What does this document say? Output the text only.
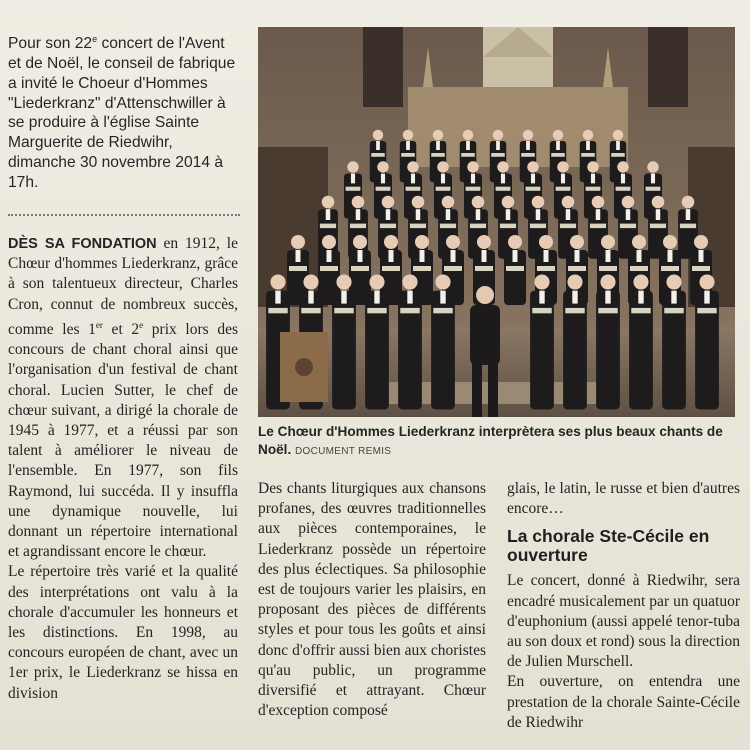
Pour son 22e concert de l'Avent et de Noël, le conseil de fabrique a invité le Choeur d'Hommes "Liederkranz" d'Attenschwiller à se produire à l'église Sainte Marguerite de Riedwihr, dimanche 30 novembre 2014 à 17h.

DÈS SA FONDATION en 1912, le Chœur d'hommes Liederkranz, grâce à son talentueux directeur, Charles Cron, connut de nombreux succès, comme les 1er et 2e prix lors des concours de chant choral ainsi que l'organisation d'un festival de chant choral. Lucien Sutter, le chef de chœur suivant, a dirigé la chorale de 1945 à 1977, et a réussi par son talent à améliorer le niveau de l'ensemble. En 1977, son fils Raymond, lui succéda. Il y insuffla une dynamique nouvelle, lui donnant un répertoire international et agrandissant encore le chœur.

Le répertoire très varié et la qualité des interprétations ont valu à la chorale d'accumuler les honneurs et les distinctions. En 1998, au concours européen de chant, avec un 1er prix, le Liederkranz se hissa en division

Le Chœur d'Hommes Liederkranz interprètera ses plus beaux chants de Noël. DOCUMENT REMIS

Des chants liturgiques aux chansons profanes, des œuvres traditionnelles aux pièces contemporaines, le Liederkranz possède un répertoire des plus éclectiques. Sa philosophie est de toujours varier les plaisirs, en proposant des pièces de différents styles et pour tous les goûts et ainsi donc d'offrir aussi bien aux choristes qu'au public, un programme diversifié et attrayant. Chœur d'exception composé

glais, le latin, le russe et bien d'autres encore…

La chorale Ste-Cécile en ouverture

Le concert, donné à Riedwihr, sera encadré musicalement par un quatuor d'euphonium (aussi appelé tenor-tuba au son doux et rond) sous la direction de Julien Murschell.

En ouverture, on entendra une prestation de la chorale Sainte-Cécile de Riedwihr
